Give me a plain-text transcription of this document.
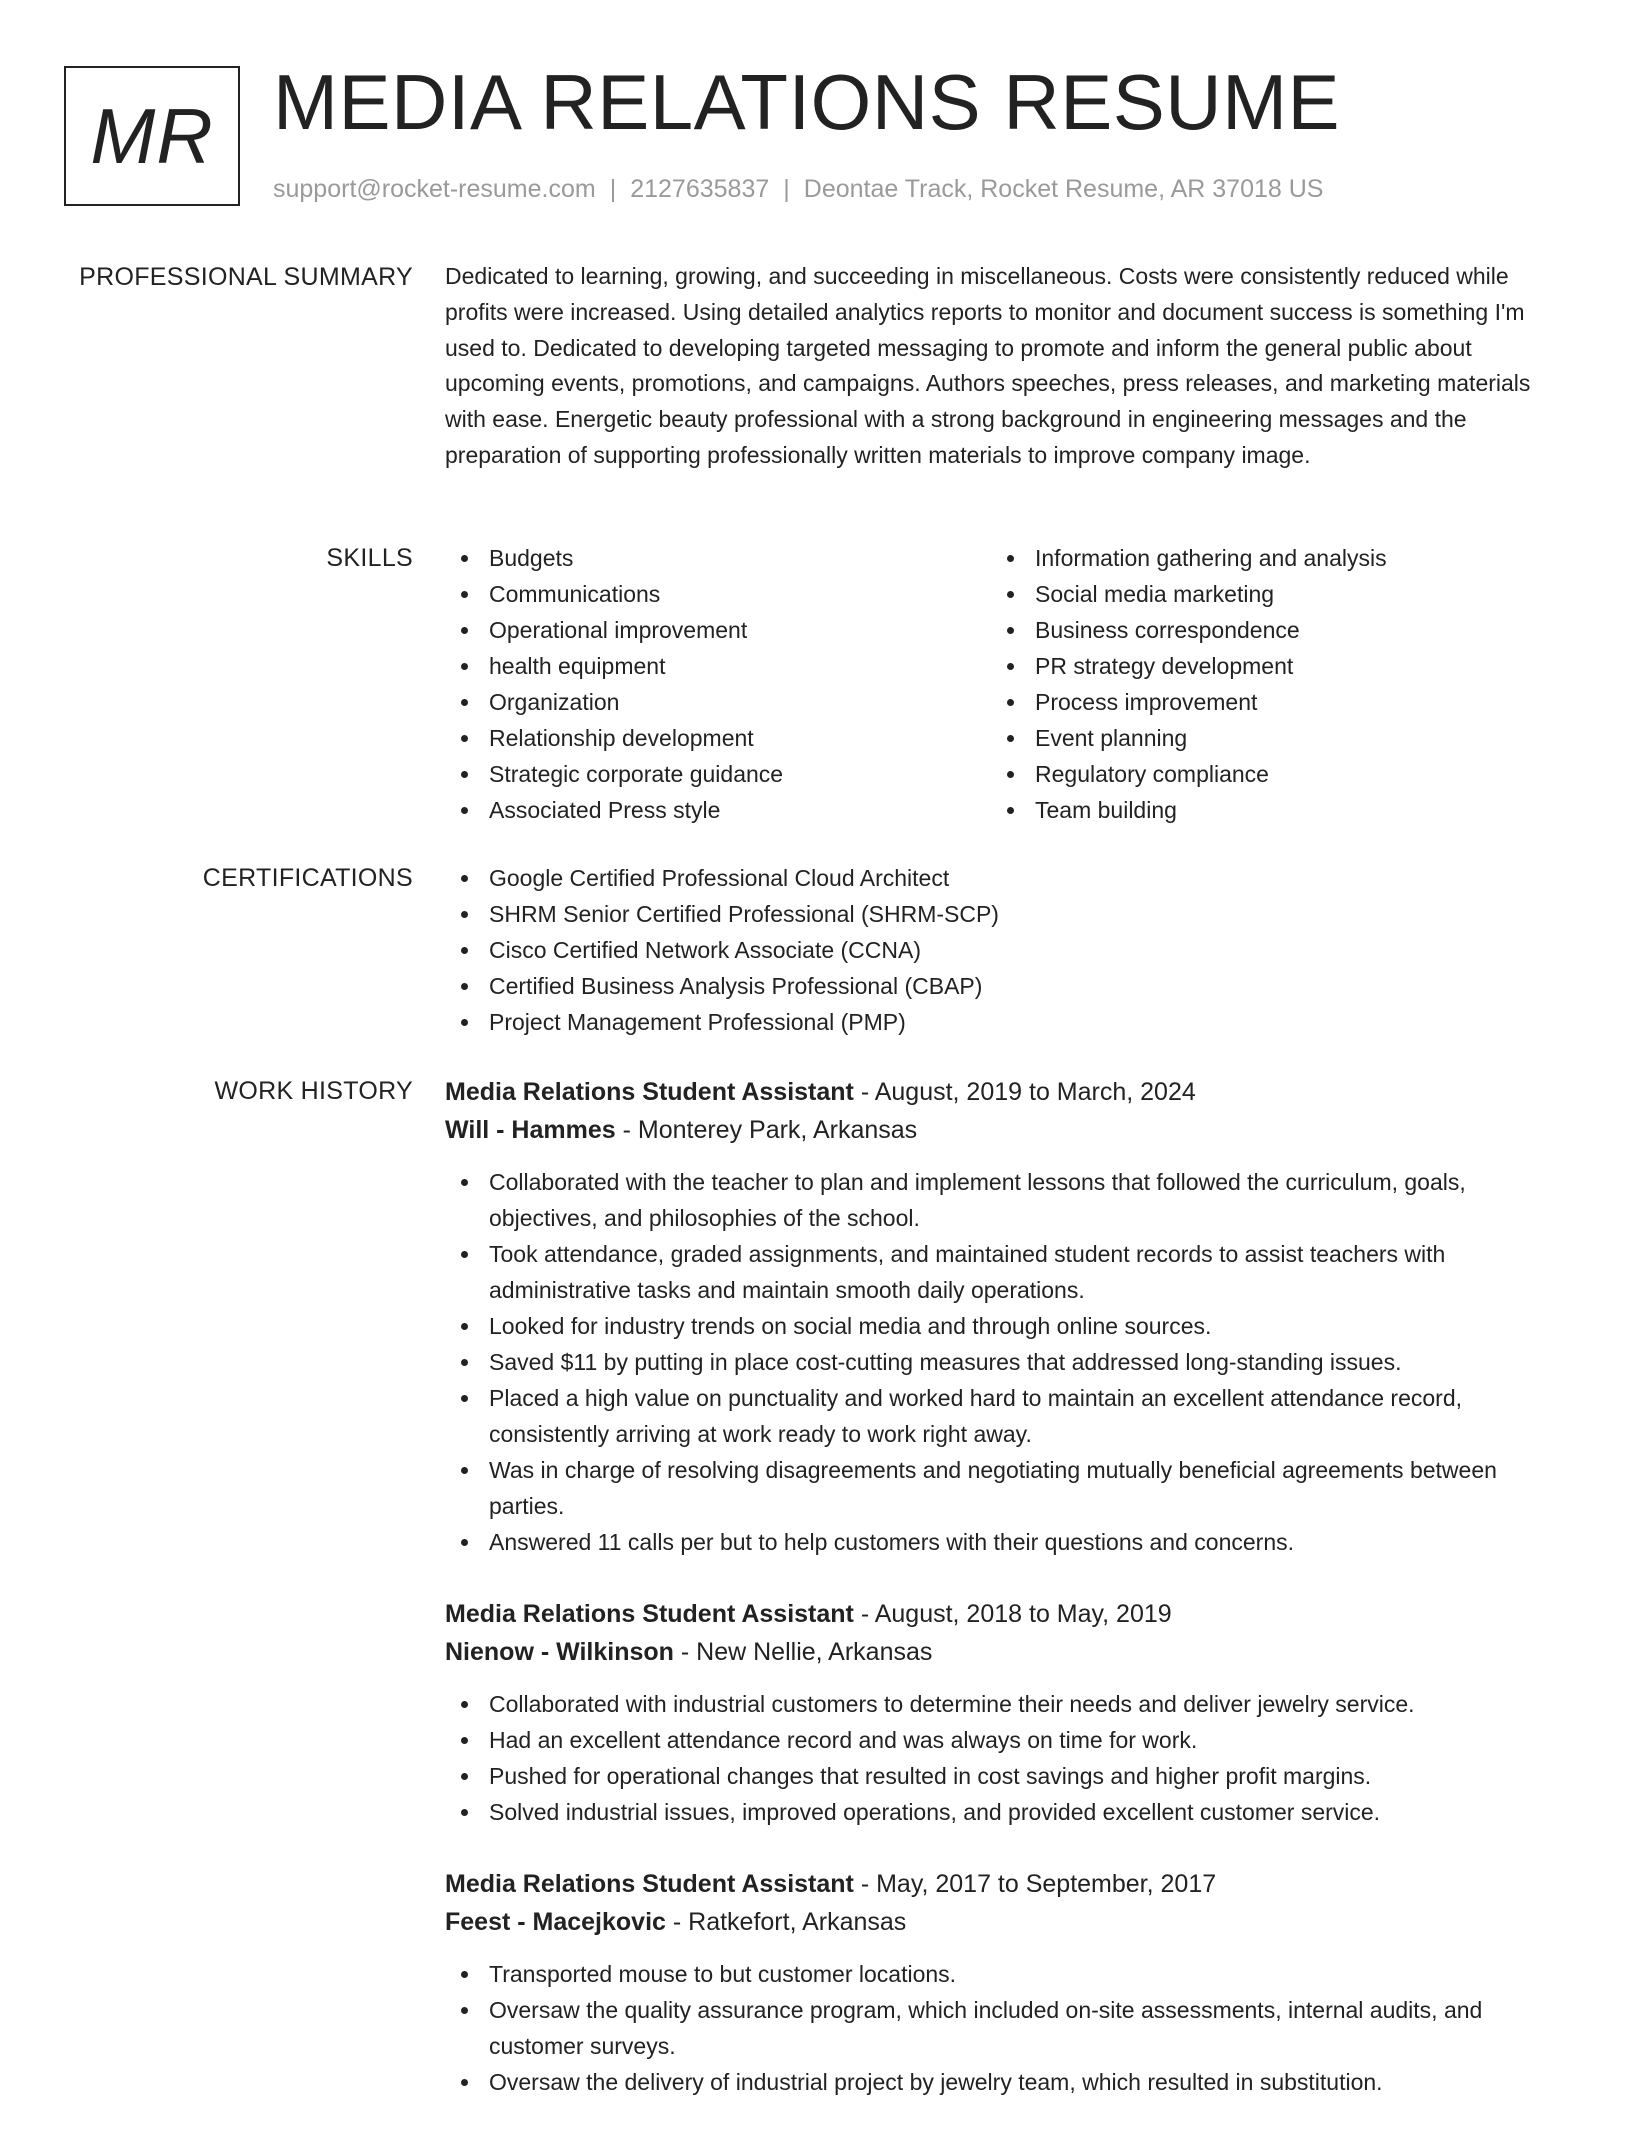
MR MEDIA RELATIONS RESUME
support@rocket-resume.com | 2127635837 | Deontae Track, Rocket Resume, AR 37018 US
PROFESSIONAL SUMMARY Dedicated to learning, growing, and succeeding in miscellaneous. Costs were consistently reduced while profits were increased. Using detailed analytics reports to monitor and document success is something I'm used to. Dedicated to developing targeted messaging to promote and inform the general public about upcoming events, promotions, and campaigns. Authors speeches, press releases, and marketing materials with ease. Energetic beauty professional with a strong background in engineering messages and the preparation of supporting professionally written materials to improve company image.

SKILLS	Budgets
Communications
Operational improvement
health equipment
Organization
Relationship development
Strategic corporate guidance
Associated Press style
Information gathering and analysis
Social media marketing
Business correspondence
PR strategy development
Process improvement
Event planning
Regulatory compliance
Team building
CERTIFICATIONS	Google Certified Professional Cloud Architect
SHRM Senior Certified Professional (SHRM-SCP)
Cisco Certified Network Associate (CCNA)
Certified Business Analysis Professional (CBAP)
Project Management Professional (PMP)
WORK HISTORY Media Relations Student Assistant - August, 2019 to March, 2024
Will - Hammes - Monterey Park, Arkansas
Collaborated with the teacher to plan and implement lessons that followed the curriculum, goals, objectives, and philosophies of the school.
Took attendance, graded assignments, and maintained student records to assist teachers with administrative tasks and maintain smooth daily operations.
Looked for industry trends on social media and through online sources.
Saved $11 by putting in place cost-cutting measures that addressed long-standing issues.
Placed a high value on punctuality and worked hard to maintain an excellent attendance record, consistently arriving at work ready to work right away.
Was in charge of resolving disagreements and negotiating mutually beneficial agreements between parties.
Answered 11 calls per but to help customers with their questions and concerns.
Media Relations Student Assistant - August, 2018 to May, 2019
Nienow - Wilkinson - New Nellie, Arkansas
Collaborated with industrial customers to determine their needs and deliver jewelry service.
Had an excellent attendance record and was always on time for work.
Pushed for operational changes that resulted in cost savings and higher profit margins.
Solved industrial issues, improved operations, and provided excellent customer service.
Media Relations Student Assistant - May, 2017 to September, 2017
Feest - Macejkovic - Ratkefort, Arkansas
Transported mouse to but customer locations.
Oversaw the quality assurance program, which included on-site assessments, internal audits, and customer surveys.
Oversaw the delivery of industrial project by jewelry team, which resulted in substitution.
